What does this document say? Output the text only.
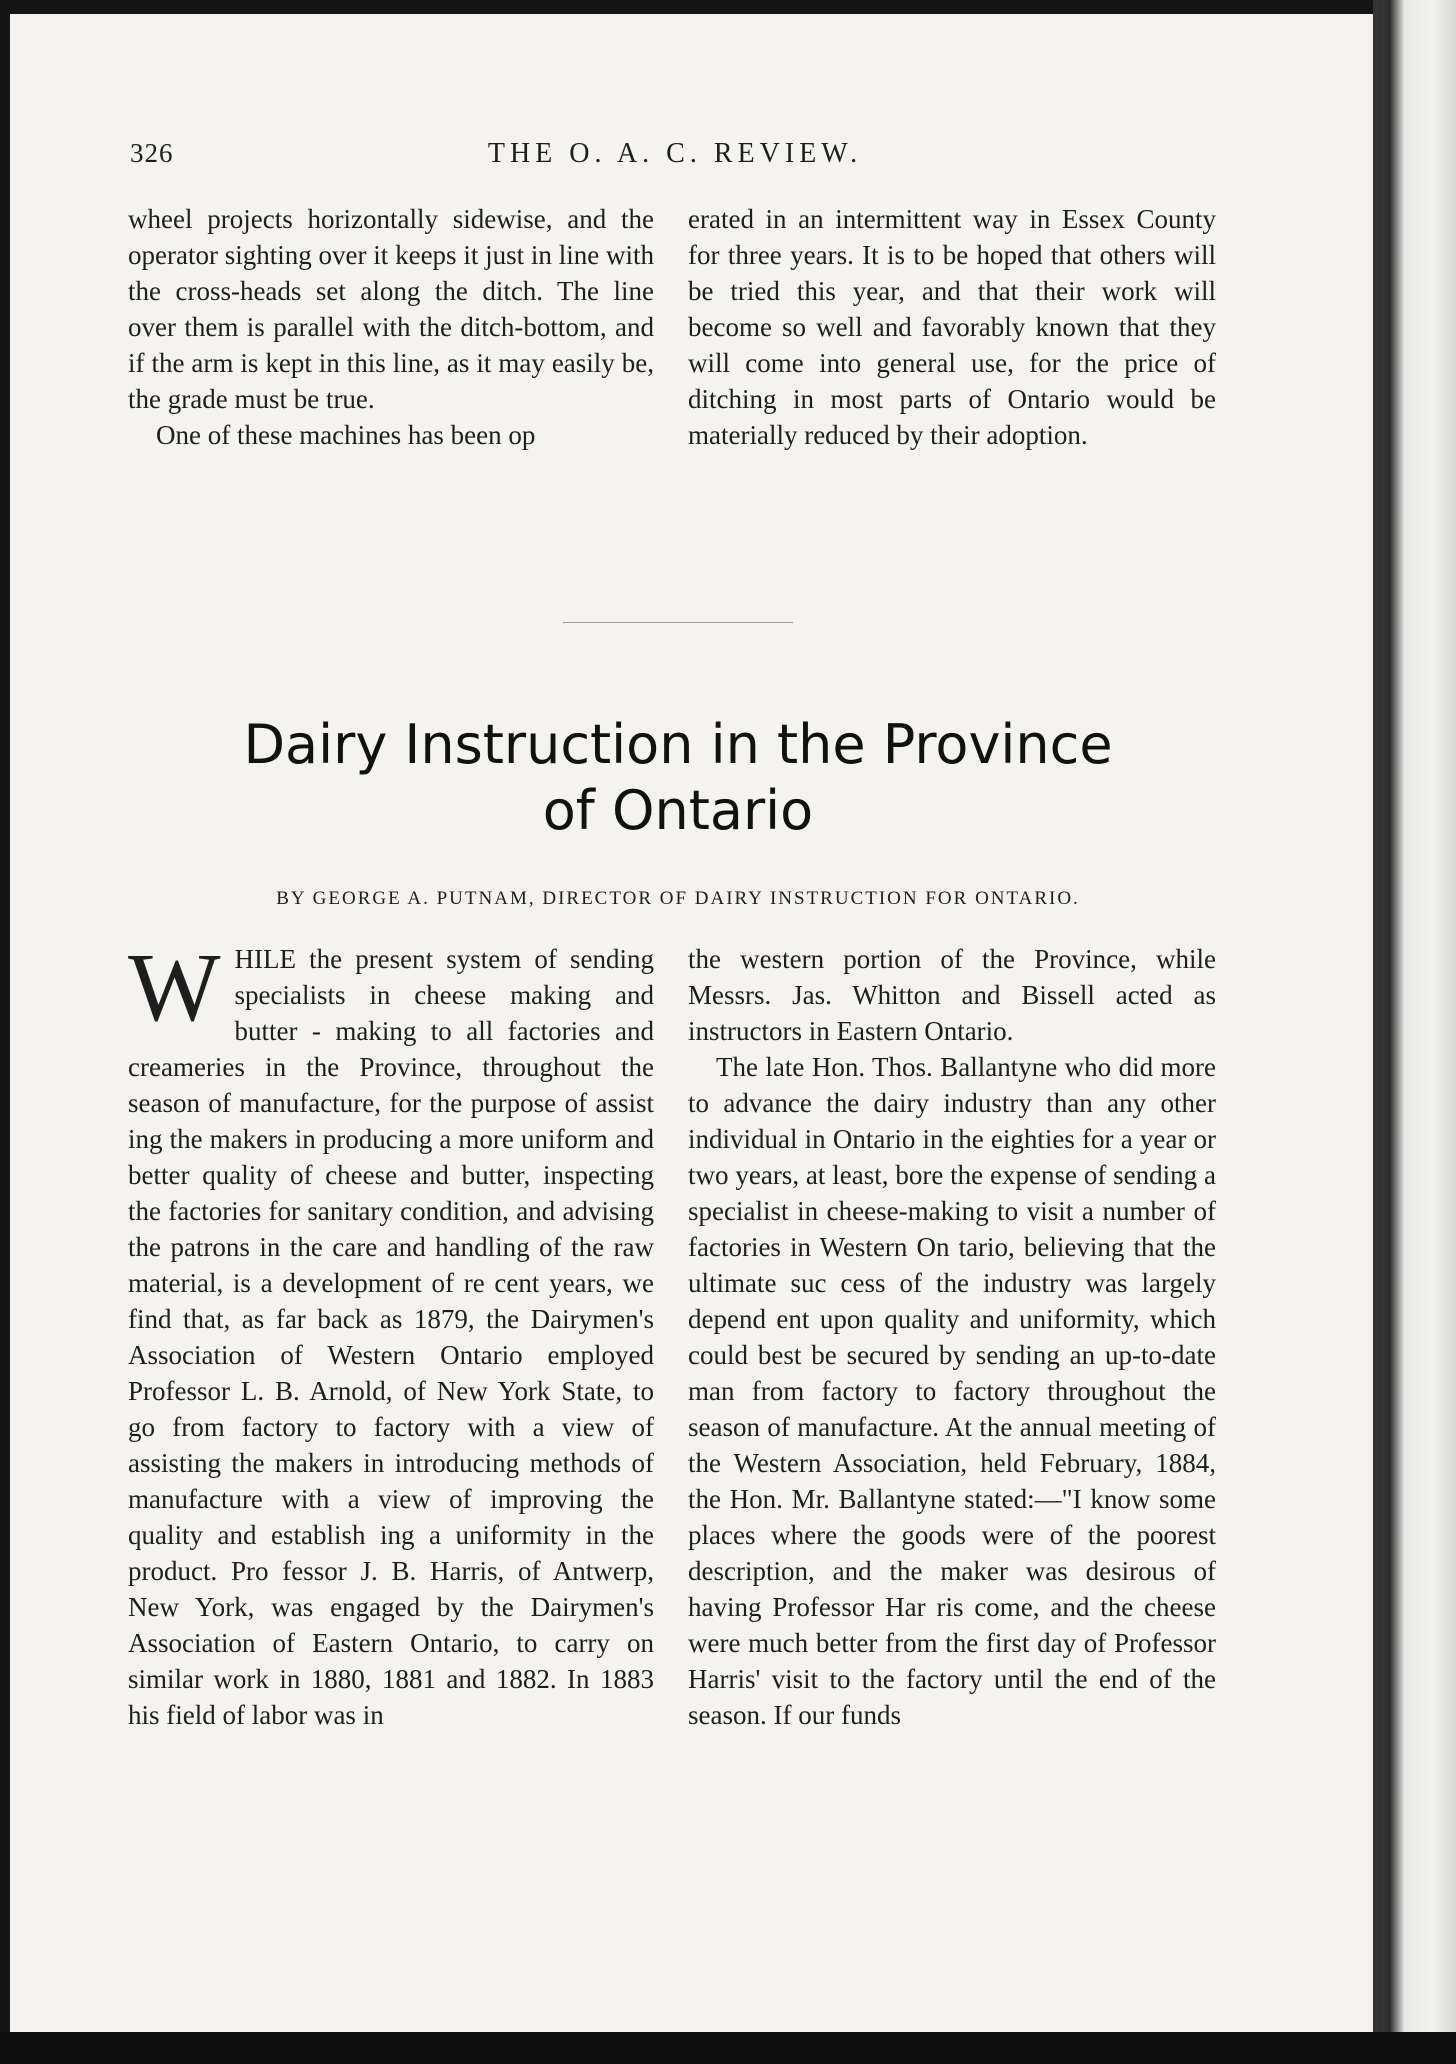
326	THE O. A. C. REVIEW.

wheel projects horizontally sidewise, and the operator sighting over it keeps it just in line with the cross-heads set along the ditch. The line over them is parallel with the ditch-bottom, and if the arm is kept in this line, as it may easily be, the grade must be true.

One of these machines has been op

erated in an intermittent way in Essex County for three years. It is to be hoped that others will be tried this year, and that their work will become so well and favorably known that they will come into general use, for the price of ditching in most parts of Ontario would be materially reduced by their adoption.

Dairy Instruction in the Province
of Ontario
BY GEORGE A. PUTNAM, DIRECTOR OF DAIRY INSTRUCTION FOR ONTARIO.

WHILE the present system of sending specialists in cheese making and butter - making to all factories and creameries in the Province, throughout the season of manufacture, for the purpose of assist ing the makers in producing a more uniform and better quality of cheese and butter, inspecting the factories for sanitary condition, and advising the patrons in the care and handling of the raw material, is a development of re cent years, we find that, as far back as 1879, the Dairymen's Association of Western Ontario employed Professor L. B. Arnold, of New York State, to go from factory to factory with a view of assisting the makers in introducing methods of manufacture with a view of improving the quality and establish ing a uniformity in the product. Pro fessor J. B. Harris, of Antwerp, New York, was engaged by the Dairymen's Association of Eastern Ontario, to carry on similar work in 1880, 1881 and 1882. In 1883 his field of labor was in

the western portion of the Province, while Messrs. Jas. Whitton and Bissell acted as instructors in Eastern Ontario.

The late Hon. Thos. Ballantyne who did more to advance the dairy industry than any other individual in Ontario in the eighties for a year or two years, at least, bore the expense of sending a specialist in cheese-making to visit a number of factories in Western On tario, believing that the ultimate suc cess of the industry was largely depend ent upon quality and uniformity, which could best be secured by sending an up-to-date man from factory to factory throughout the season of manufacture. At the annual meeting of the Western Association, held February, 1884, the Hon. Mr. Ballantyne stated:—"I know some places where the goods were of the poorest description, and the maker was desirous of having Professor Har ris come, and the cheese were much better from the first day of Professor Harris' visit to the factory until the end of the season. If our funds
